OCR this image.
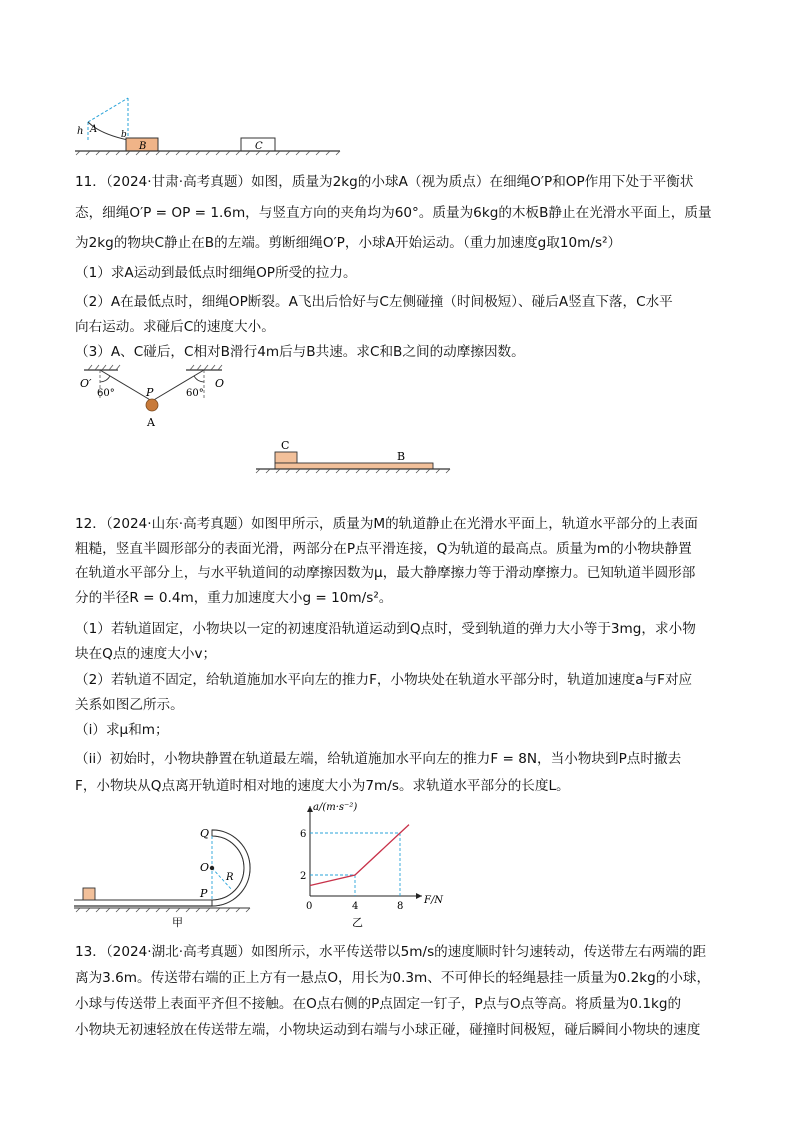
h A	b
B	C
11．（2024·甘肃·高考真题）如图，质量为2kg的小球A（视为质点）在细绳O′P和OP作用下处于平衡状
态，细绳O′P = OP = 1.6m，与竖直方向的夹角均为60°。质量为6kg的木板B静止在光滑水平面上，质量
为2kg的物块C静止在B的左端。剪断细绳O′P，小球A开始运动。（重力加速度g取10m/s²）
（1）求A运动到最低点时细绳OP所受的拉力。
（2）A在最低点时，细绳OP断裂。A飞出后恰好与C左侧碰撞（时间极短）、碰后A竖直下落，C水平
向右运动。求碰后C的速度大小。
（3）A、C碰后，C相对B滑行4m后与B共速。求C和B之间的动摩擦因数。
O′	O
P
A
60°	60°
C
B
12．（2024·山东·高考真题）如图甲所示，质量为M的轨道静止在光滑水平面上，轨道水平部分的上表面
粗糙，竖直半圆形部分的表面光滑，两部分在P点平滑连接，Q为轨道的最高点。质量为m的小物块静置
在轨道水平部分上，与水平轨道间的动摩擦因数为μ，最大静摩擦力等于滑动摩擦力。已知轨道半圆形部
分的半径R = 0.4m，重力加速度大小g = 10m/s²。
（1）若轨道固定，小物块以一定的初速度沿轨道运动到Q点时，受到轨道的弹力大小等于3mg，求小物
块在Q点的速度大小v；
（2）若轨道不固定，给轨道施加水平向左的推力F，小物块处在轨道水平部分时，轨道加速度a与F对应
关系如图乙所示。
（i）求μ和m；
（ii）初始时，小物块静置在轨道最左端，给轨道施加水平向左的推力F = 8N，当小物块到P点时撤去
F，小物块从Q点离开轨道时相对地的速度大小为7m/s。求轨道水平部分的长度L。
Q
O
R
P
甲
0	4	8
2
6
a/(m·s⁻²)
F/N
乙
13．（2024·湖北·高考真题）如图所示，水平传送带以5m/s的速度顺时针匀速转动，传送带左右两端的距
离为3.6m。传送带右端的正上方有一悬点O，用长为0.3m、不可伸长的轻绳悬挂一质量为0.2kg的小球，
小球与传送带上表面平齐但不接触。在O点右侧的P点固定一钉子，P点与O点等高。将质量为0.1kg的
小物块无初速轻放在传送带左端，小物块运动到右端与小球正碰，碰撞时间极短，碰后瞬间小物块的速度
